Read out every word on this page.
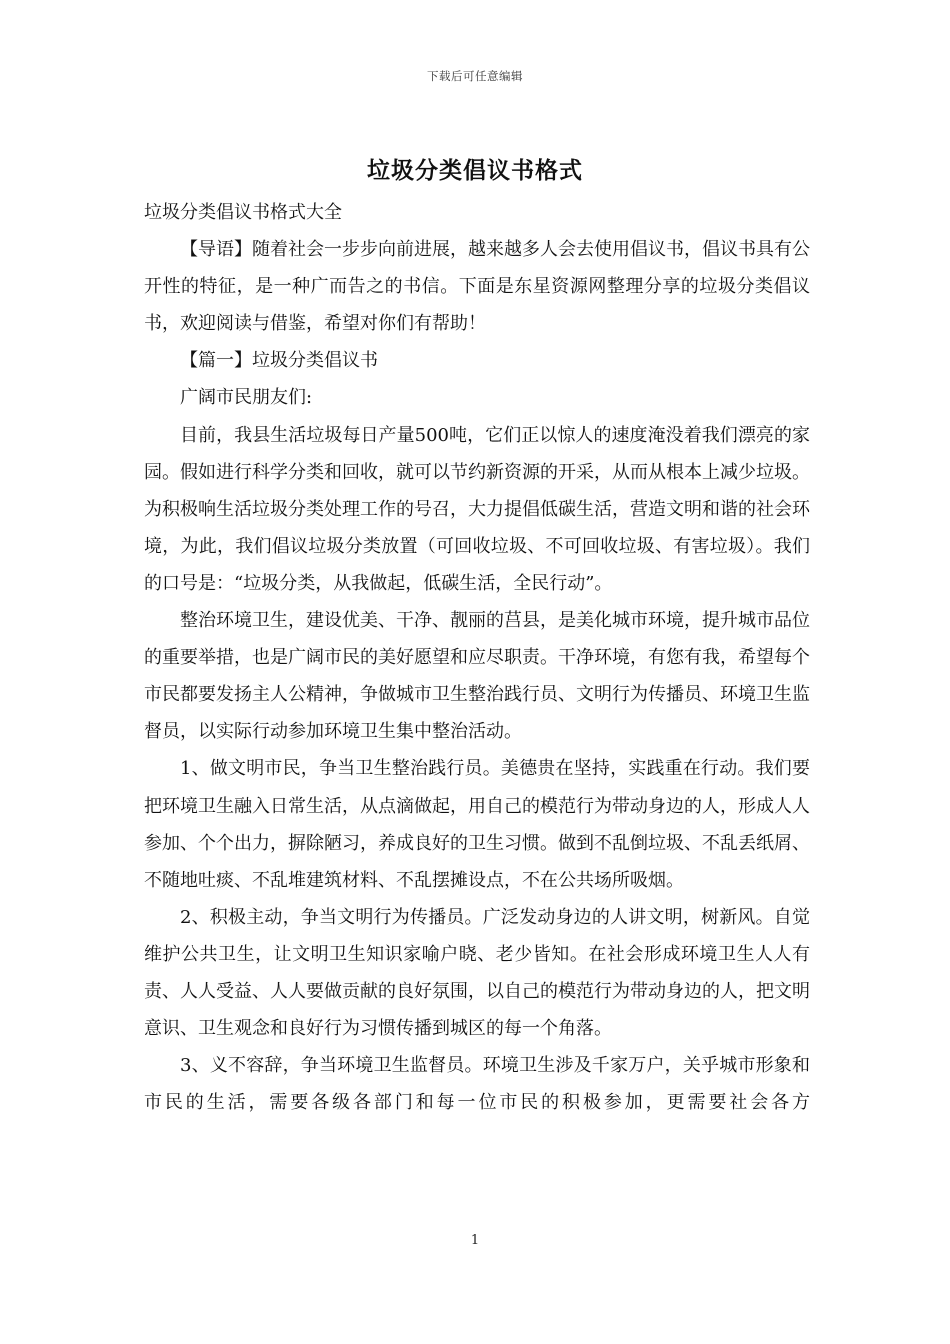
下载后可任意编辑
垃圾分类倡议书格式

垃圾分类倡议书格式大全

【导语】随着社会一步步向前进展，越来越多人会去使用倡议书，倡议书具有公开性的特征，是一种广而告之的书信。下面是东星资源网整理分享的垃圾分类倡议书，欢迎阅读与借鉴，希望对你们有帮助！

【篇一】垃圾分类倡议书

广阔市民朋友们:

目前，我县生活垃圾每日产量500吨，它们正以惊人的速度淹没着我们漂亮的家园。假如进行科学分类和回收，就可以节约新资源的开采，从而从根本上减少垃圾。为积极响生活垃圾分类处理工作的号召，大力提倡低碳生活，营造文明和谐的社会环境，为此，我们倡议垃圾分类放置（可回收垃圾、不可回收垃圾、有害垃圾）。我们的口号是：“垃圾分类，从我做起，低碳生活，全民行动”。

整治环境卫生，建设优美、干净、靓丽的莒县，是美化城市环境，提升城市品位的重要举措，也是广阔市民的美好愿望和应尽职责。干净环境，有您有我，希望每个市民都要发扬主人公精神，争做城市卫生整治践行员、文明行为传播员、环境卫生监督员，以实际行动参加环境卫生集中整治活动。

1、做文明市民，争当卫生整治践行员。美德贵在坚持，实践重在行动。我们要把环境卫生融入日常生活，从点滴做起，用自己的模范行为带动身边的人，形成人人参加、个个出力，摒除陋习，养成良好的卫生习惯。做到不乱倒垃圾、不乱丢纸屑、不随地吐痰、不乱堆建筑材料、不乱摆摊设点，不在公共场所吸烟。

2、积极主动，争当文明行为传播员。广泛发动身边的人讲文明，树新风。自觉维护公共卫生，让文明卫生知识家喻户晓、老少皆知。在社会形成环境卫生人人有责、人人受益、人人要做贡献的良好氛围，以自己的模范行为带动身边的人，把文明意识、卫生观念和良好行为习惯传播到城区的每一个角落。

3、义不容辞，争当环境卫生监督员。环境卫生涉及千家万户，关乎城市形象和市民的生活，需要各级各部门和每一位市民的积极参加，更需要社会各方

1
